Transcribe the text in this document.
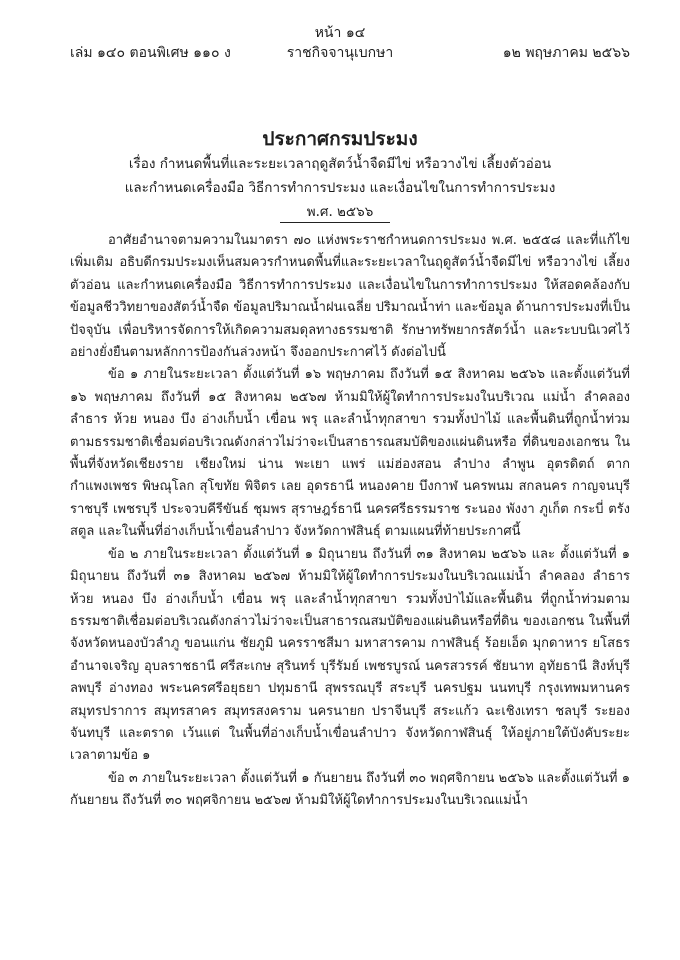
หน้า ๑๔
เล่ม ๑๔๐ ตอนพิเศษ ๑๑๐ ง	ราชกิจจานุเบกษา	๑๒ พฤษภาคม ๒๕๖๖
ประกาศกรมประมง
เรื่อง กำหนดพื้นที่และระยะเวลาฤดูสัตว์น้ำจืดมีไข่ หรือวางไข่ เลี้ยงตัวอ่อน
และกำหนดเครื่องมือ วิธีการทำการประมง และเงื่อนไขในการทำการประมง
พ.ศ. ๒๕๖๖

อาศัยอำนาจตามความในมาตรา ๗๐ แห่งพระราชกำหนดการประมง พ.ศ. ๒๕๕๘ และที่แก้ไขเพิ่มเติม อธิบดีกรมประมงเห็นสมควรกำหนดพื้นที่และระยะเวลาในฤดูสัตว์น้ำจืดมีไข่ หรือวางไข่ เลี้ยงตัวอ่อน และกำหนดเครื่องมือ วิธีการทำการประมง และเงื่อนไขในการทำการประมง ให้สอดคล้องกับข้อมูลชีววิทยาของสัตว์น้ำจืด ข้อมูลปริมาณน้ำฝนเฉลี่ย ปริมาณน้ำท่า และข้อมูล ด้านการประมงที่เป็นปัจจุบัน เพื่อบริหารจัดการให้เกิดความสมดุลทางธรรมชาติ รักษาทรัพยากรสัตว์น้ำ และระบบนิเวศไว้อย่างยั่งยืนตามหลักการป้องกันล่วงหน้า จึงออกประกาศไว้ ดังต่อไปนี้

ข้อ ๑ ภายในระยะเวลา ตั้งแต่วันที่ ๑๖ พฤษภาคม ถึงวันที่ ๑๕ สิงหาคม ๒๕๖๖ และตั้งแต่วันที่ ๑๖ พฤษภาคม ถึงวันที่ ๑๕ สิงหาคม ๒๕๖๗ ห้ามมิให้ผู้ใดทำการประมงในบริเวณ แม่น้ำ ลำคลอง ลำธาร ห้วย หนอง บึง อ่างเก็บน้ำ เขื่อน พรุ และลำน้ำทุกสาขา รวมทั้งป่าไม้ และพื้นดินที่ถูกน้ำท่วมตามธรรมชาติเชื่อมต่อบริเวณดังกล่าวไม่ว่าจะเป็นสาธารณสมบัติของแผ่นดินหรือ ที่ดินของเอกชน ในพื้นที่จังหวัดเชียงราย เชียงใหม่ น่าน พะเยา แพร่ แม่ฮ่องสอน ลำปาง ลำพูน อุตรดิตถ์ ตาก กำแพงเพชร พิษณุโลก สุโขทัย พิจิตร เลย อุดรธานี หนองคาย บึงกาฬ นครพนม สกลนคร กาญจนบุรี ราชบุรี เพชรบุรี ประจวบคีรีขันธ์ ชุมพร สุราษฎร์ธานี นครศรีธรรมราช ระนอง พังงา ภูเก็ต กระบี่ ตรัง สตูล และในพื้นที่อ่างเก็บน้ำเขื่อนลำปาว จังหวัดกาฬสินธุ์ ตามแผนที่ท้ายประกาศนี้

ข้อ ๒ ภายในระยะเวลา ตั้งแต่วันที่ ๑ มิถุนายน ถึงวันที่ ๓๑ สิงหาคม ๒๕๖๖ และ ตั้งแต่วันที่ ๑ มิถุนายน ถึงวันที่ ๓๑ สิงหาคม ๒๕๖๗ ห้ามมิให้ผู้ใดทำการประมงในบริเวณแม่น้ำ ลำคลอง ลำธาร ห้วย หนอง บึง อ่างเก็บน้ำ เขื่อน พรุ และลำน้ำทุกสาขา รวมทั้งป่าไม้และพื้นดิน ที่ถูกน้ำท่วมตามธรรมชาติเชื่อมต่อบริเวณดังกล่าวไม่ว่าจะเป็นสาธารณสมบัติของแผ่นดินหรือที่ดิน ของเอกชน ในพื้นที่จังหวัดหนองบัวลำภู ขอนแก่น ชัยภูมิ นครราชสีมา มหาสารคาม กาฬสินธุ์ ร้อยเอ็ด มุกดาหาร ยโสธร อำนาจเจริญ อุบลราชธานี ศรีสะเกษ สุรินทร์ บุรีรัมย์ เพชรบูรณ์ นครสวรรค์ ชัยนาท อุทัยธานี สิงห์บุรี ลพบุรี อ่างทอง พระนครศรีอยุธยา ปทุมธานี สุพรรณบุรี สระบุรี นครปฐม นนทบุรี กรุงเทพมหานคร สมุทรปราการ สมุทรสาคร สมุทรสงคราม นครนายก ปราจีนบุรี สระแก้ว ฉะเชิงเทรา ชลบุรี ระยอง จันทบุรี และตราด เว้นแต่ ในพื้นที่อ่างเก็บน้ำเขื่อนลำปาว จังหวัดกาฬสินธุ์ ให้อยู่ภายใต้บังคับระยะเวลาตามข้อ ๑

ข้อ ๓ ภายในระยะเวลา ตั้งแต่วันที่ ๑ กันยายน ถึงวันที่ ๓๐ พฤศจิกายน ๒๕๖๖ และตั้งแต่วันที่ ๑ กันยายน ถึงวันที่ ๓๐ พฤศจิกายน ๒๕๖๗ ห้ามมิให้ผู้ใดทำการประมงในบริเวณแม่น้ำ
